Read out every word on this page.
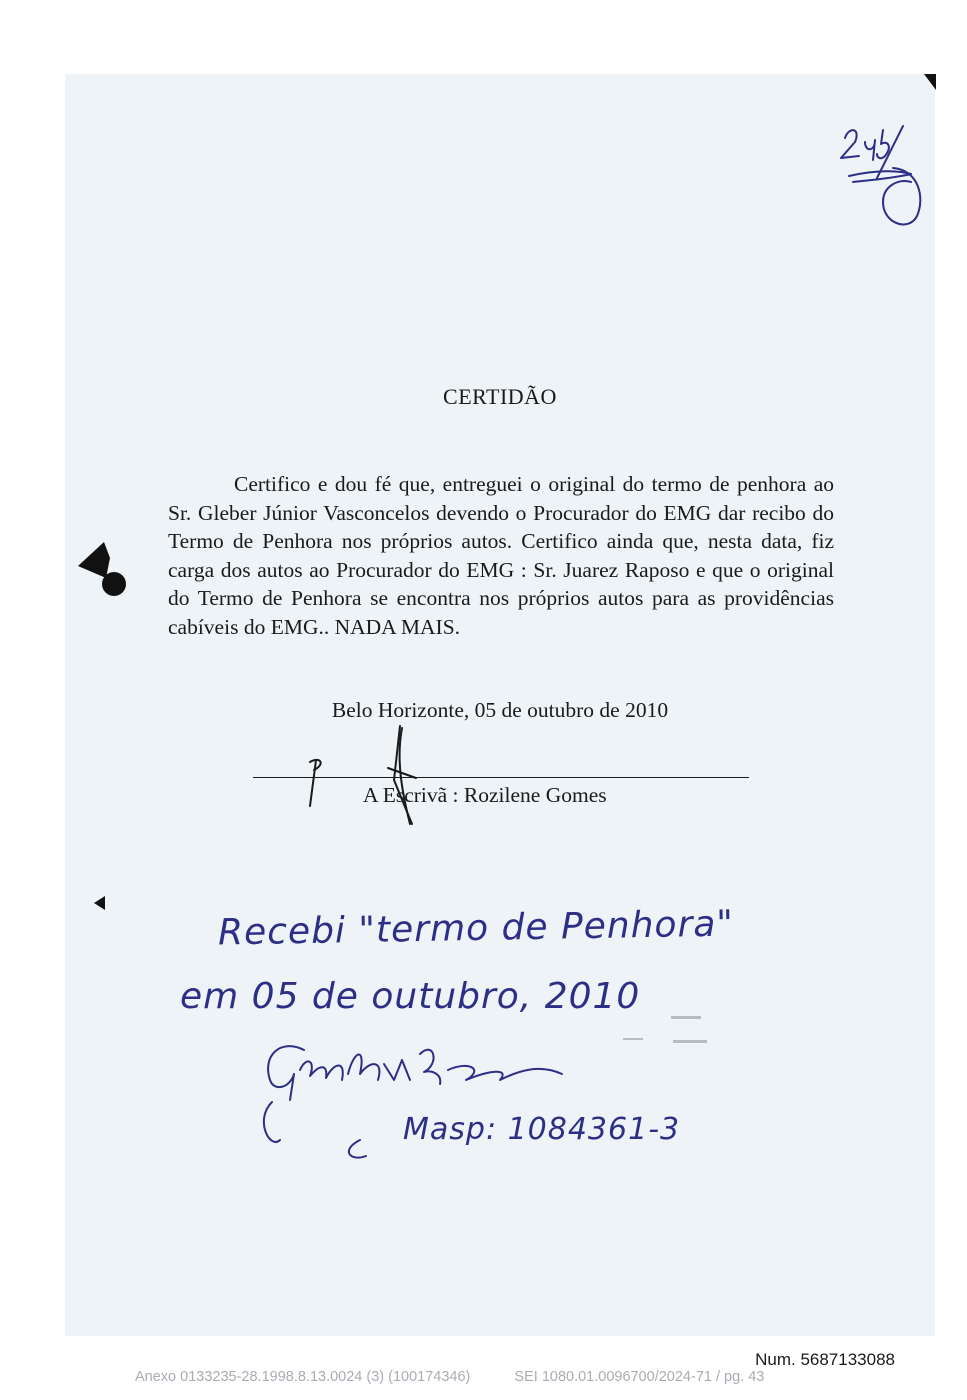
CERTIDÃO
Certifico e dou fé que, entreguei o original do termo de penhora ao Sr. Gleber Júnior Vasconcelos devendo o Procurador do EMG dar recibo do Termo de Penhora nos próprios autos. Certifico ainda que, nesta data, fiz carga dos autos ao Procurador do EMG : Sr. Juarez Raposo e que o original do Termo de Penhora se encontra nos próprios autos para as providências cabíveis do EMG.. NADA MAIS.
Belo Horizonte, 05 de outubro de 2010
A Escrivã : Rozilene Gomes
Recebi "termo de Penhora"
em 05 de outubro, 2010
Masp: 1084361-3
Num. 5687133088
Anexo 0133235-28.1998.8.13.0024 (3) (100174346)	SEI 1080.01.0096700/2024-71 / pg. 43
